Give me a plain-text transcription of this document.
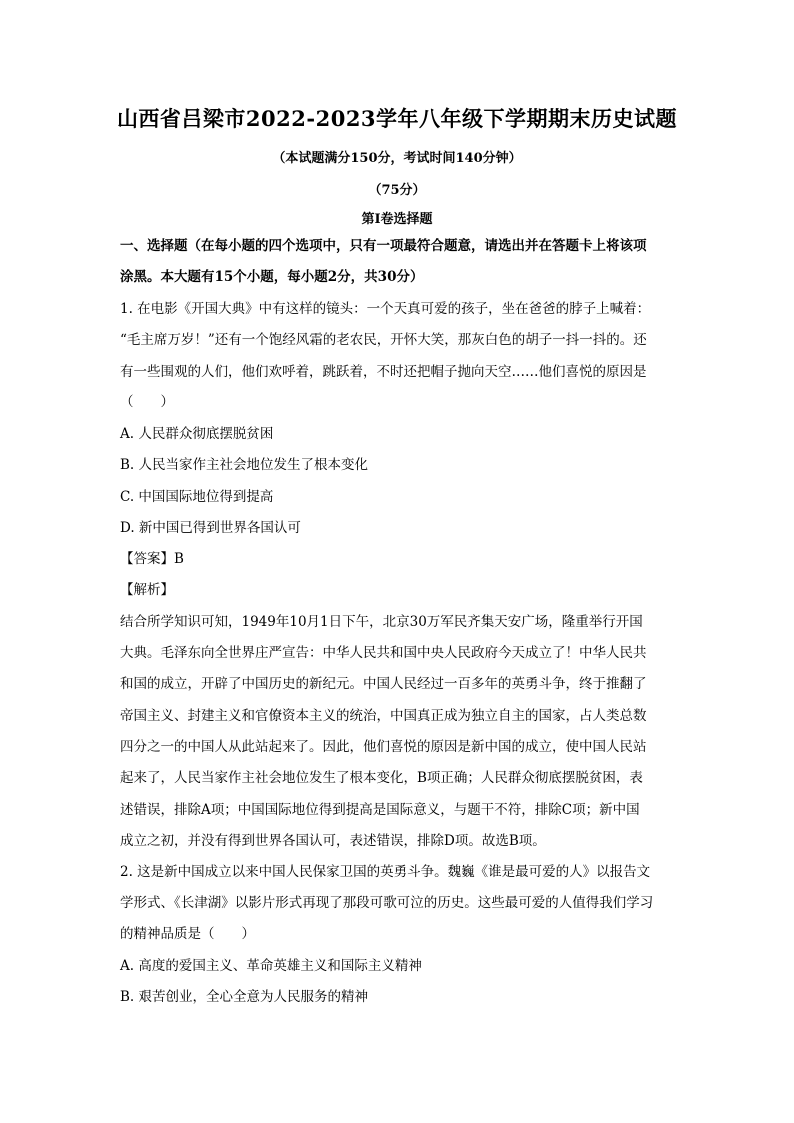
山西省吕梁市2022-2023学年八年级下学期期末历史试题
（本试题满分150分，考试时间140分钟）
（75分）
第Ⅰ卷选择题
一、选择题（在每小题的四个选项中，只有一项最符合题意，请选出并在答题卡上将该项
涂黑。本大题有15个小题，每小题2分，共30分）
1. 在电影《开国大典》中有这样的镜头：一个天真可爱的孩子，坐在爸爸的脖子上喊着：
“毛主席万岁！”还有一个饱经风霜的老农民，开怀大笑，那灰白色的胡子一抖一抖的。还
有一些围观的人们，他们欢呼着，跳跃着，不时还把帽子抛向天空……他们喜悦的原因是
（　　）
A. 人民群众彻底摆脱贫困
B. 人民当家作主社会地位发生了根本变化
C. 中国国际地位得到提高
D. 新中国已得到世界各国认可
【答案】B
【解析】
结合所学知识可知，1949年10月1日下午，北京30万军民齐集天安广场，隆重举行开国
大典。毛泽东向全世界庄严宣告：中华人民共和国中央人民政府今天成立了！中华人民共
和国的成立，开辟了中国历史的新纪元。中国人民经过一百多年的英勇斗争，终于推翻了
帝国主义、封建主义和官僚资本主义的统治，中国真正成为独立自主的国家，占人类总数
四分之一的中国人从此站起来了。因此，他们喜悦的原因是新中国的成立，使中国人民站
起来了，人民当家作主社会地位发生了根本变化，B项正确；人民群众彻底摆脱贫困，表
述错误，排除A项；中国国际地位得到提高是国际意义，与题干不符，排除C项；新中国
成立之初，并没有得到世界各国认可，表述错误，排除D项。故选B项。
2. 这是新中国成立以来中国人民保家卫国的英勇斗争。魏巍《谁是最可爱的人》以报告文
学形式、《长津湖》以影片形式再现了那段可歌可泣的历史。这些最可爱的人值得我们学习
的精神品质是（　　）
A. 高度的爱国主义、革命英雄主义和国际主义精神
B. 艰苦创业，全心全意为人民服务的精神
